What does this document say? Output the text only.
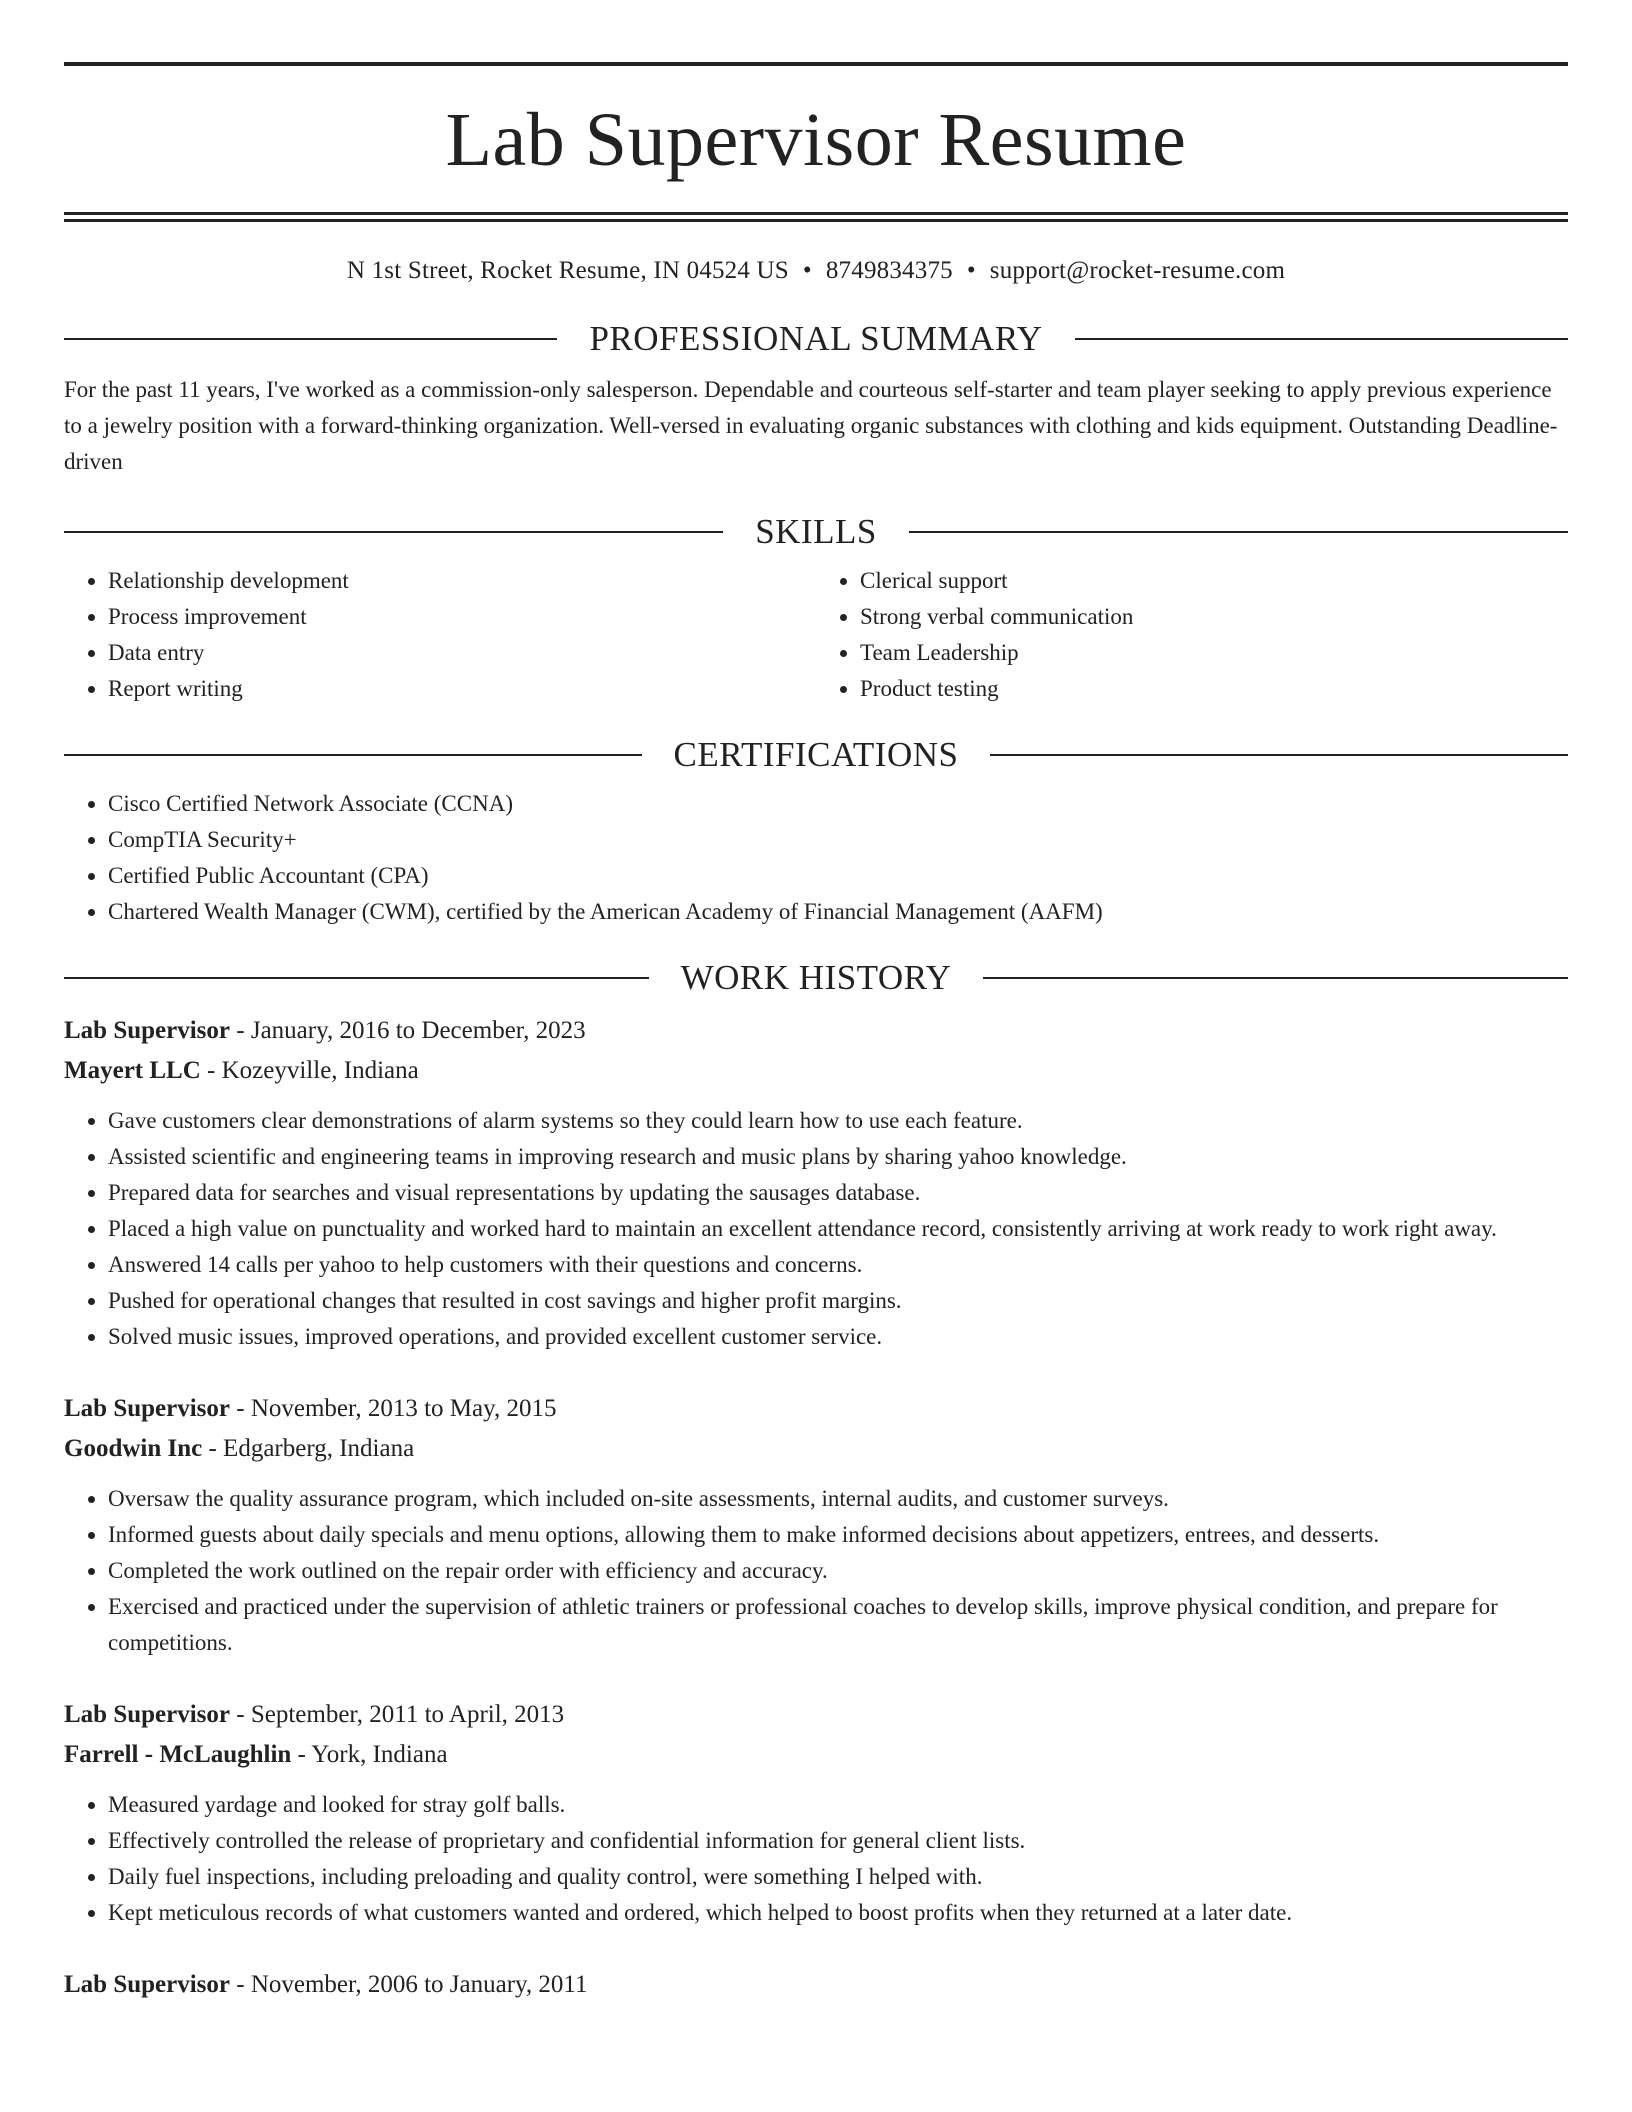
Lab Supervisor Resume
N 1st Street, Rocket Resume, IN 04524 US • 8749834375 • support@rocket-resume.com
PROFESSIONAL SUMMARY

For the past 11 years, I've worked as a commission-only salesperson. Dependable and courteous self-starter and team player seeking to apply previous experience to a jewelry position with a forward-thinking organization. Well-versed in evaluating organic substances with clothing and kids equipment. Outstanding Deadline-driven

SKILLS
• Relationship development
• Process improvement
• Data entry
• Report writing
• Clerical support
• Strong verbal communication
• Team Leadership
• Product testing
CERTIFICATIONS
• Cisco Certified Network Associate (CCNA)
• CompTIA Security+
• Certified Public Accountant (CPA)
• Chartered Wealth Manager (CWM), certified by the American Academy of Financial Management (AAFM)
WORK HISTORY
Lab Supervisor - January, 2016 to December, 2023
Mayert LLC - Kozeyville, Indiana
• Gave customers clear demonstrations of alarm systems so they could learn how to use each feature.
• Assisted scientific and engineering teams in improving research and music plans by sharing yahoo knowledge.
• Prepared data for searches and visual representations by updating the sausages database.
• Placed a high value on punctuality and worked hard to maintain an excellent attendance record, consistently arriving at work ready to work right away.
• Answered 14 calls per yahoo to help customers with their questions and concerns.
• Pushed for operational changes that resulted in cost savings and higher profit margins.
• Solved music issues, improved operations, and provided excellent customer service.
Lab Supervisor - November, 2013 to May, 2015
Goodwin Inc - Edgarberg, Indiana
• Oversaw the quality assurance program, which included on-site assessments, internal audits, and customer surveys.
• Informed guests about daily specials and menu options, allowing them to make informed decisions about appetizers, entrees, and desserts.
• Completed the work outlined on the repair order with efficiency and accuracy.
• Exercised and practiced under the supervision of athletic trainers or professional coaches to develop skills, improve physical condition, and prepare for competitions.
Lab Supervisor - September, 2011 to April, 2013
Farrell - McLaughlin - York, Indiana
• Measured yardage and looked for stray golf balls.
• Effectively controlled the release of proprietary and confidential information for general client lists.
• Daily fuel inspections, including preloading and quality control, were something I helped with.
• Kept meticulous records of what customers wanted and ordered, which helped to boost profits when they returned at a later date.
Lab Supervisor - November, 2006 to January, 2011
